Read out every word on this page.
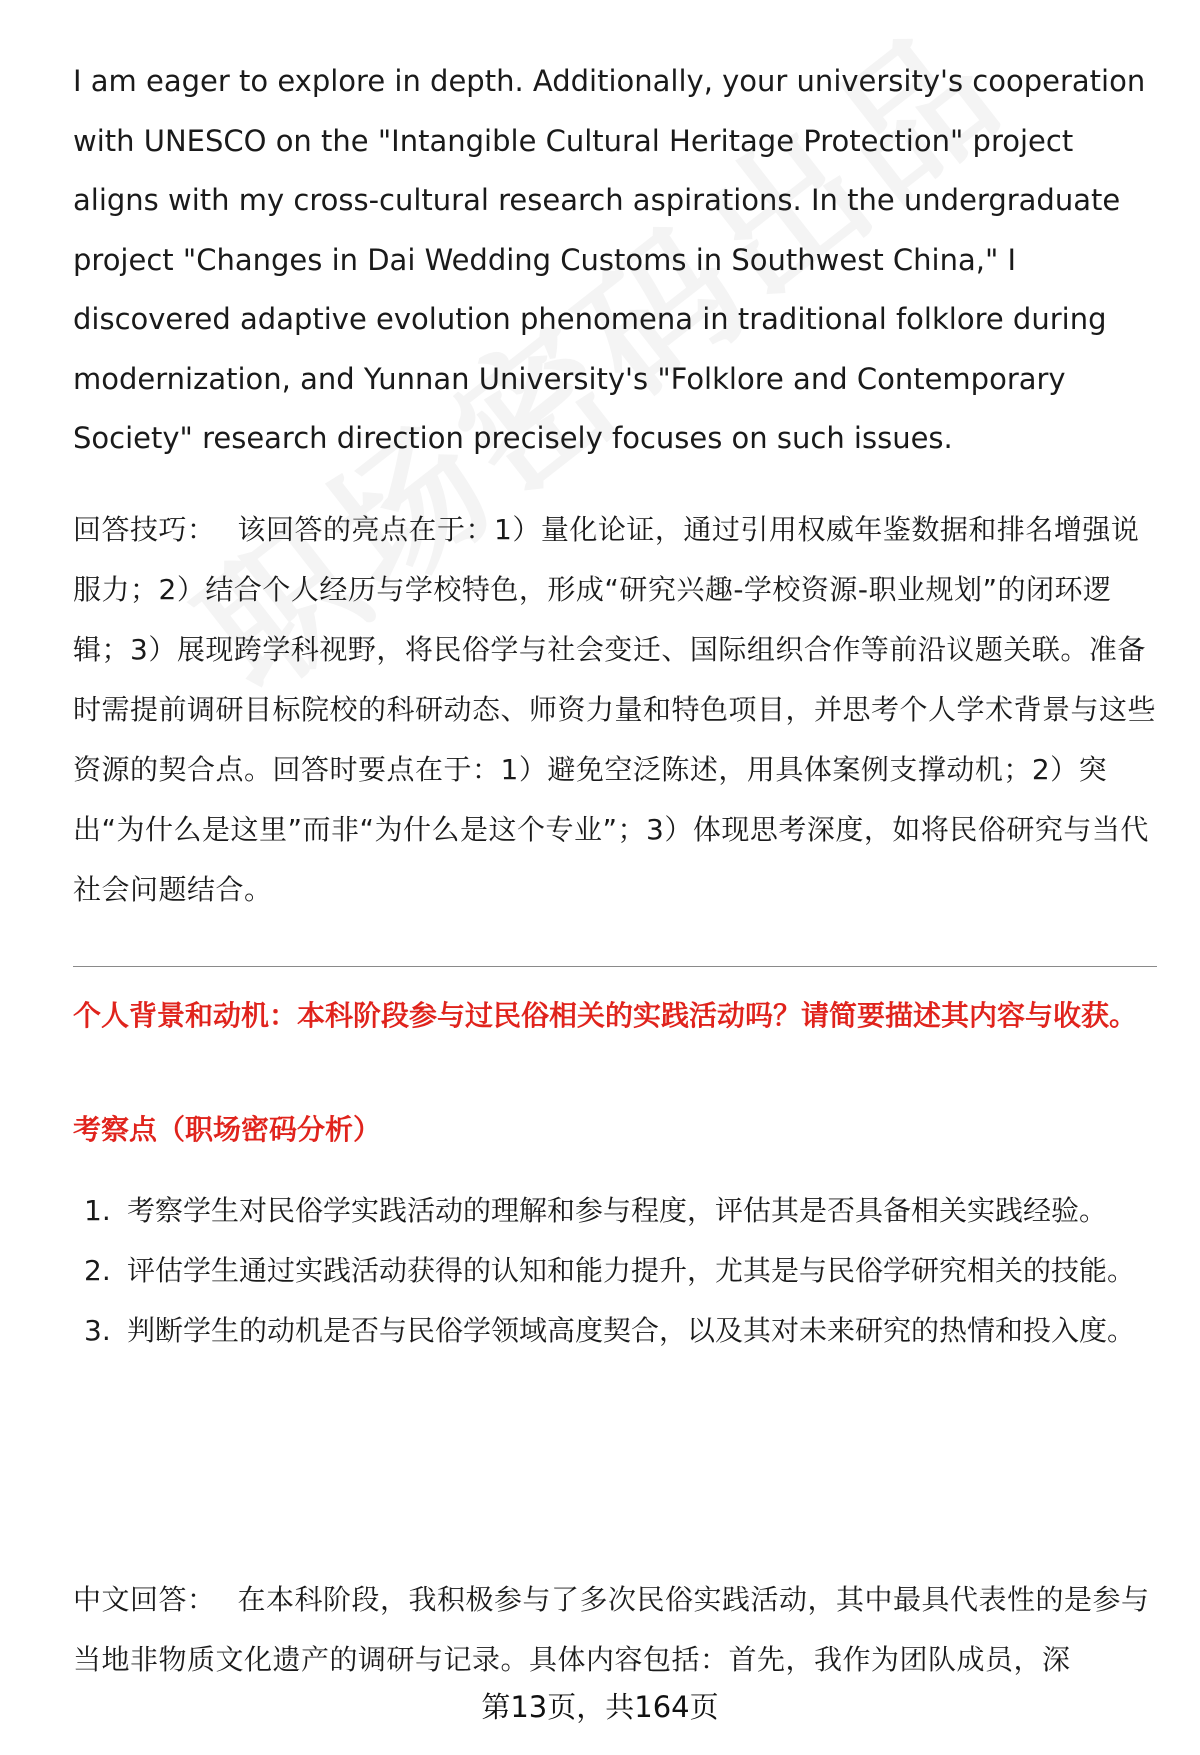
I am eager to explore in depth. Additionally, your university's cooperation with UNESCO on the "Intangible Cultural Heritage Protection" project aligns with my cross-cultural research aspirations. In the undergraduate project "Changes in Dai Wedding Customs in Southwest China," I discovered adaptive evolution phenomena in traditional folklore during modernization, and Yunnan University's "Folklore and Contemporary Society" research direction precisely focuses on such issues.

回答技巧： 该回答的亮点在于：1）量化论证，通过引用权威年鉴数据和排名增强说服力；2）结合个人经历与学校特色，形成“研究兴趣-学校资源-职业规划”的闭环逻辑；3）展现跨学科视野，将民俗学与社会变迁、国际组织合作等前沿议题关联。准备时需提前调研目标院校的科研动态、师资力量和特色项目，并思考个人学术背景与这些资源的契合点。回答时要点在于：1）避免空泛陈述，用具体案例支撑动机；2）突出“为什么是这里”而非“为什么是这个专业”；3）体现思考深度，如将民俗研究与当代社会问题结合。

个人背景和动机：本科阶段参与过民俗相关的实践活动吗？请简要描述其内容与收获。

考察点（职场密码分析）

1. 考察学生对民俗学实践活动的理解和参与程度，评估其是否具备相关实践经验。
2. 评估学生通过实践活动获得的认知和能力提升，尤其是与民俗学研究相关的技能。
3. 判断学生的动机是否与民俗学领域高度契合，以及其对未来研究的热情和投入度。

中文回答： 在本科阶段，我积极参与了多次民俗实践活动，其中最具代表性的是参与当地非物质文化遗产的调研与记录。具体内容包括：首先，我作为团队成员，深

第13页，共164页
